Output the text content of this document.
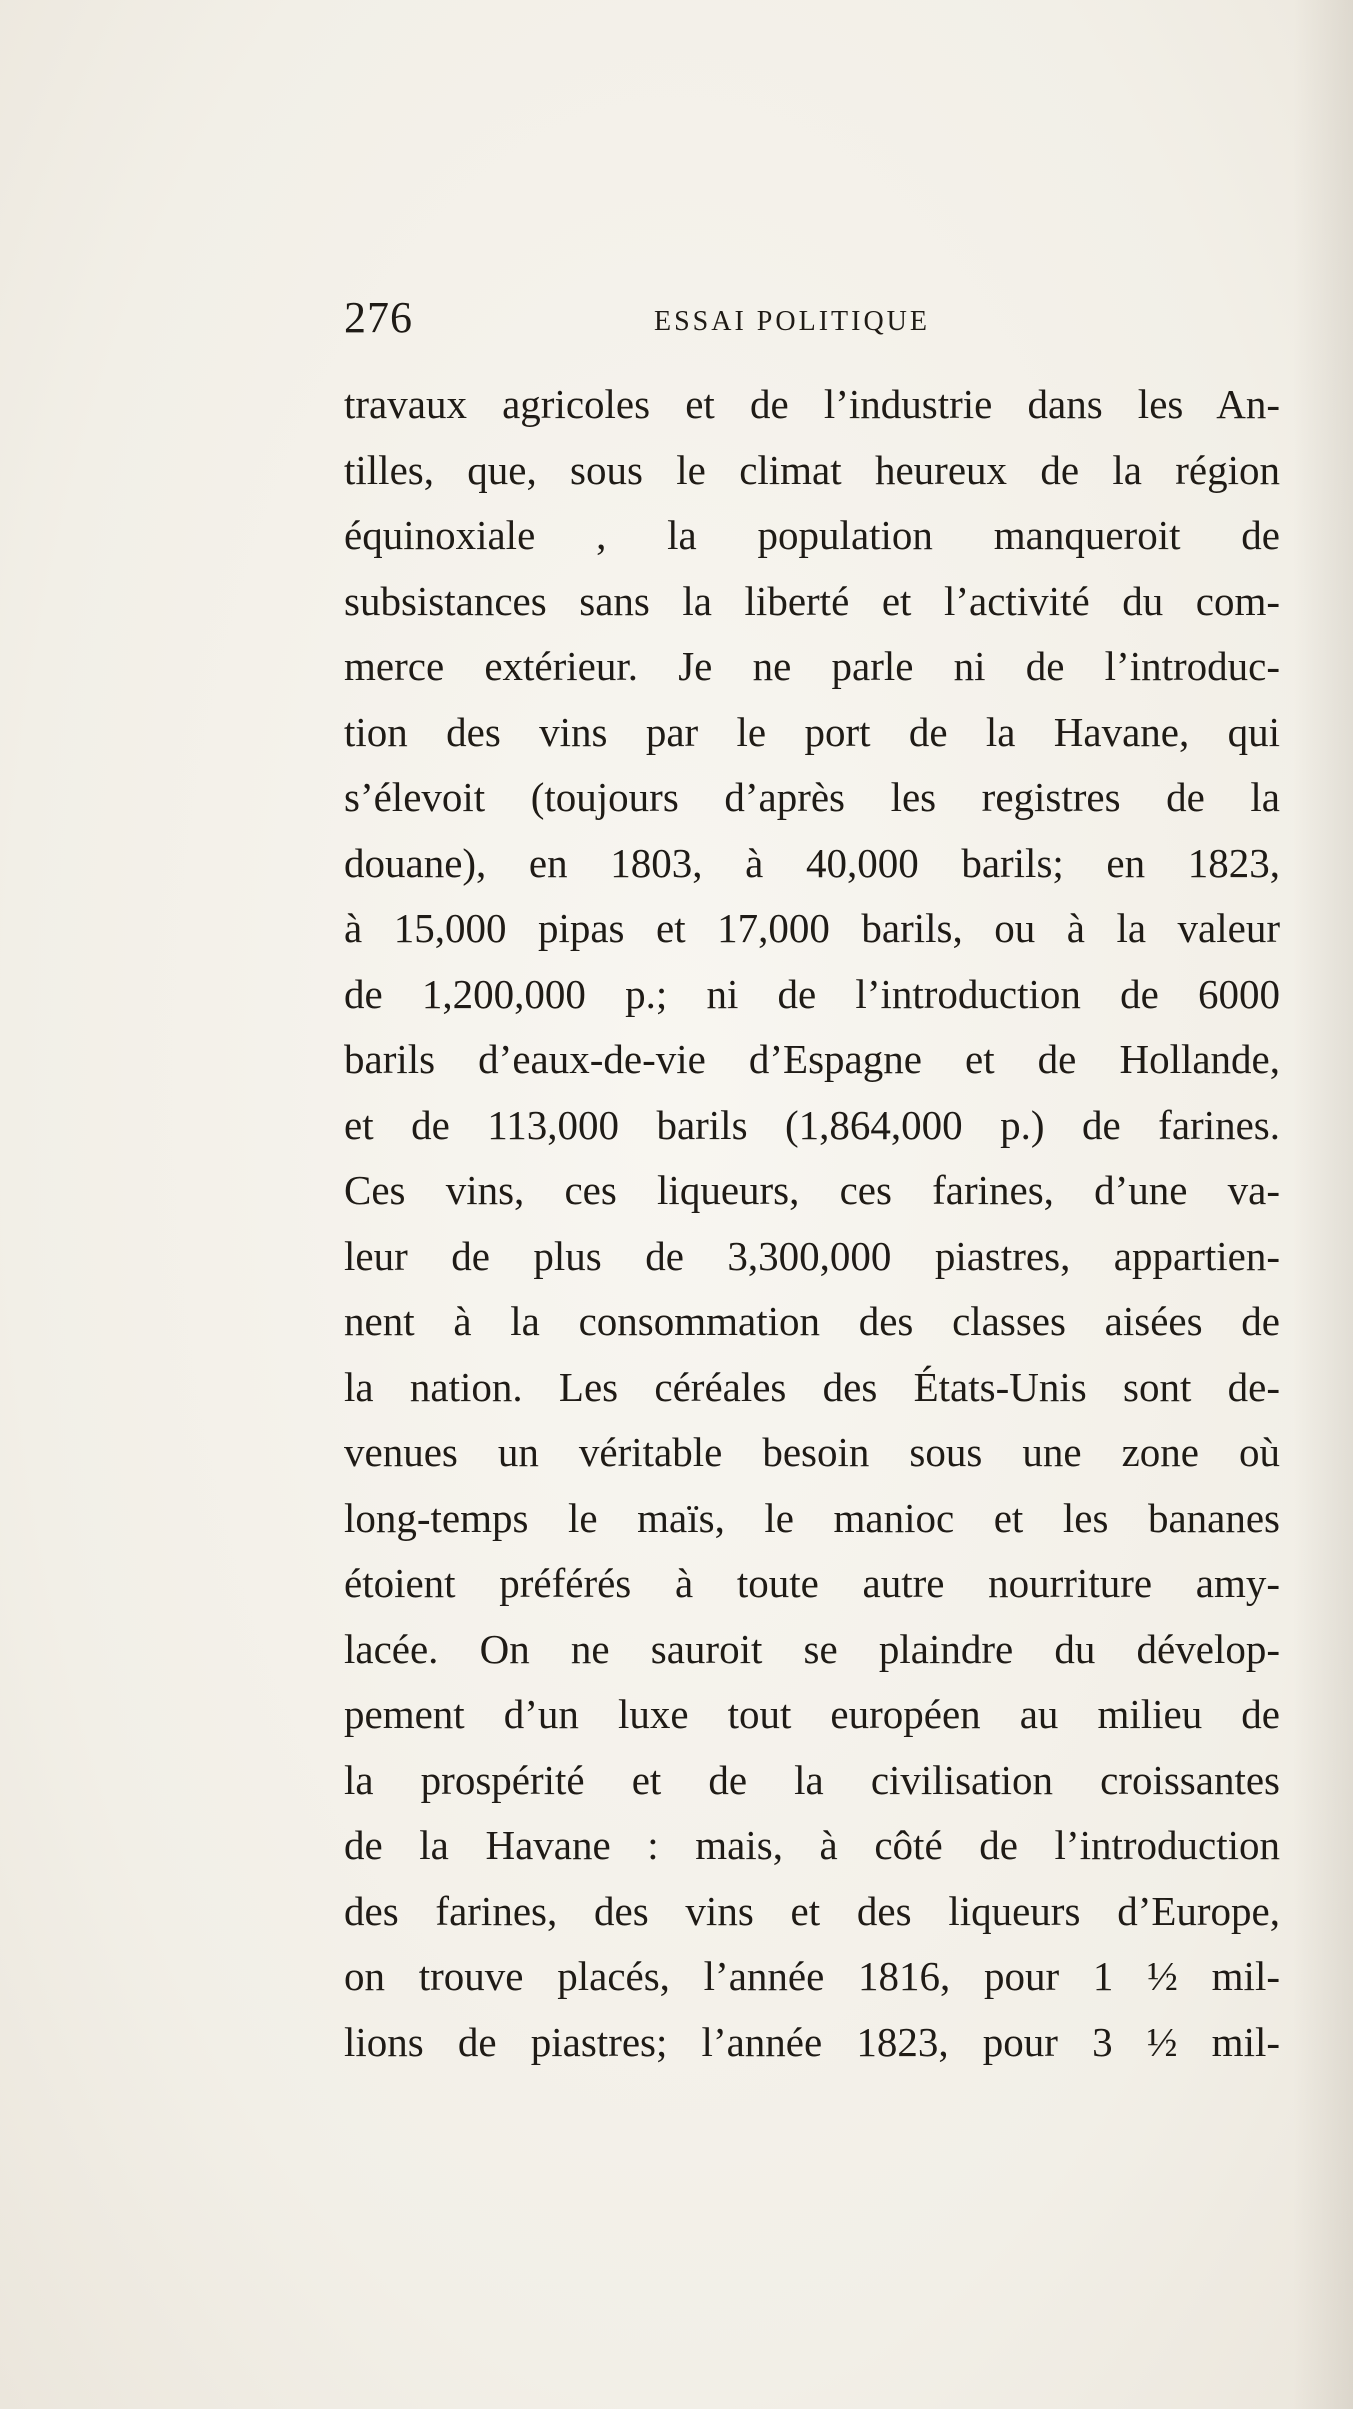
276	ESSAI POLITIQUE
travaux agricoles et de l’industrie dans les An-
tilles, que, sous le climat heureux de la région
équinoxiale , la population manqueroit de
subsistances sans la liberté et l’activité du com-
merce extérieur. Je ne parle ni de l’introduc-
tion des vins par le port de la Havane, qui
s’élevoit (toujours d’après les registres de la
douane), en 1803, à 40,000 barils; en 1823,
à 15,000 pipas et 17,000 barils, ou à la valeur
de 1,200,000 p.; ni de l’introduction de 6000
barils d’eaux-de-vie d’Espagne et de Hollande,
et de 113,000 barils (1,864,000 p.) de farines.
Ces vins, ces liqueurs, ces farines, d’une va-
leur de plus de 3,300,000 piastres, appartien-
nent à la consommation des classes aisées de
la nation. Les céréales des États-Unis sont de-
venues un véritable besoin sous une zone où
long-temps le maïs, le manioc et les bananes
étoient préférés à toute autre nourriture amy-
lacée. On ne sauroit se plaindre du dévelop-
pement d’un luxe tout européen au milieu de
la prospérité et de la civilisation croissantes
de la Havane : mais, à côté de l’introduction
des farines, des vins et des liqueurs d’Europe,
on trouve placés, l’année 1816, pour 1 ½ mil-
lions de piastres; l’année 1823, pour 3 ½ mil-
